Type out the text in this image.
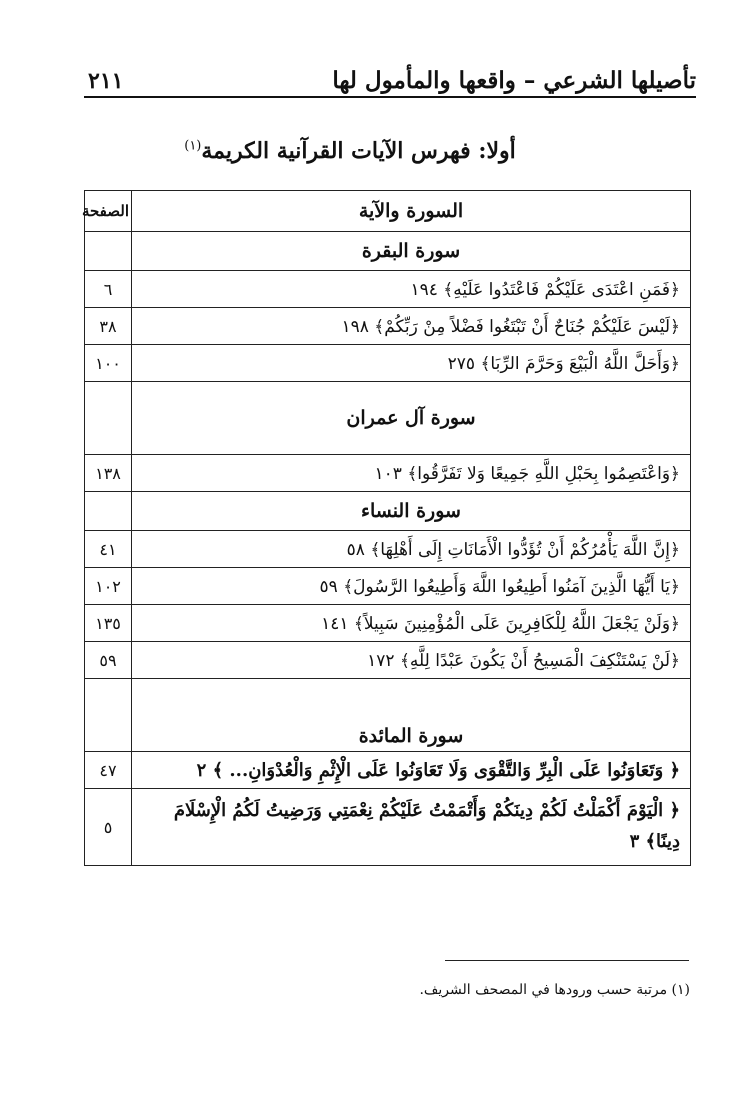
تأصيلها الشرعي – واقعها والمأمول لها
٢١١
أولا: فهرس الآيات القرآنية الكريمة$^{(١)}$
السورة والآية	الصفحة
سورة البقرة	
﴿فَمَنِ اعْتَدَى عَلَيْكُمْ فَاعْتَدُوا عَلَيْهِ﴾ ١٩٤	٦
﴿لَيْسَ عَلَيْكُمْ جُنَاحٌ أَنْ تَبْتَغُوا فَضْلاً مِنْ رَبِّكُمْ﴾ ١٩٨	٣٨
﴿وَأَحَلَّ اللَّهُ الْبَيْعَ وَحَرَّمَ الرِّبَا﴾ ٢٧٥	١٠٠
سورة آل عمران	
﴿وَاعْتَصِمُوا بِحَبْلِ اللَّهِ جَمِيعًا وَلا تَفَرَّقُوا﴾ ١٠٣	١٣٨
سورة النساء	
﴿إِنَّ اللَّهَ يَأْمُرُكُمْ أَنْ تُؤَدُّوا الْأَمَانَاتِ إِلَى أَهْلِهَا﴾ ٥٨	٤١
﴿يَا أَيُّهَا الَّذِينَ آمَنُوا أَطِيعُوا اللَّهَ وَأَطِيعُوا الرَّسُولَ﴾ ٥٩	١٠٢
﴿وَلَنْ يَجْعَلَ اللَّهُ لِلْكَافِرِينَ عَلَى الْمُؤْمِنِينَ سَبِيلاً﴾ ١٤١	١٣٥
﴿لَنْ يَسْتَنْكِفَ الْمَسِيحُ أَنْ يَكُونَ عَبْدًا لِلَّهِ﴾ ١٧٢	٥٩
سورة المائدة	
﴿ وَتَعَاوَنُوا عَلَى الْبِرِّ وَالتَّقْوَى وَلَا تَعَاوَنُوا عَلَى الْإِثْمِ وَالْعُدْوَانِ... ﴾ ٢	٤٧
﴿ الْيَوْمَ أَكْمَلْتُ لَكُمْ دِينَكُمْ وَأَتْمَمْتُ عَلَيْكُمْ نِعْمَتِي وَرَضِيتُ لَكُمُ الْإِسْلَامَ دِينًا﴾ ٣	٥
(١) مرتبة حسب ورودها في المصحف الشريف.
